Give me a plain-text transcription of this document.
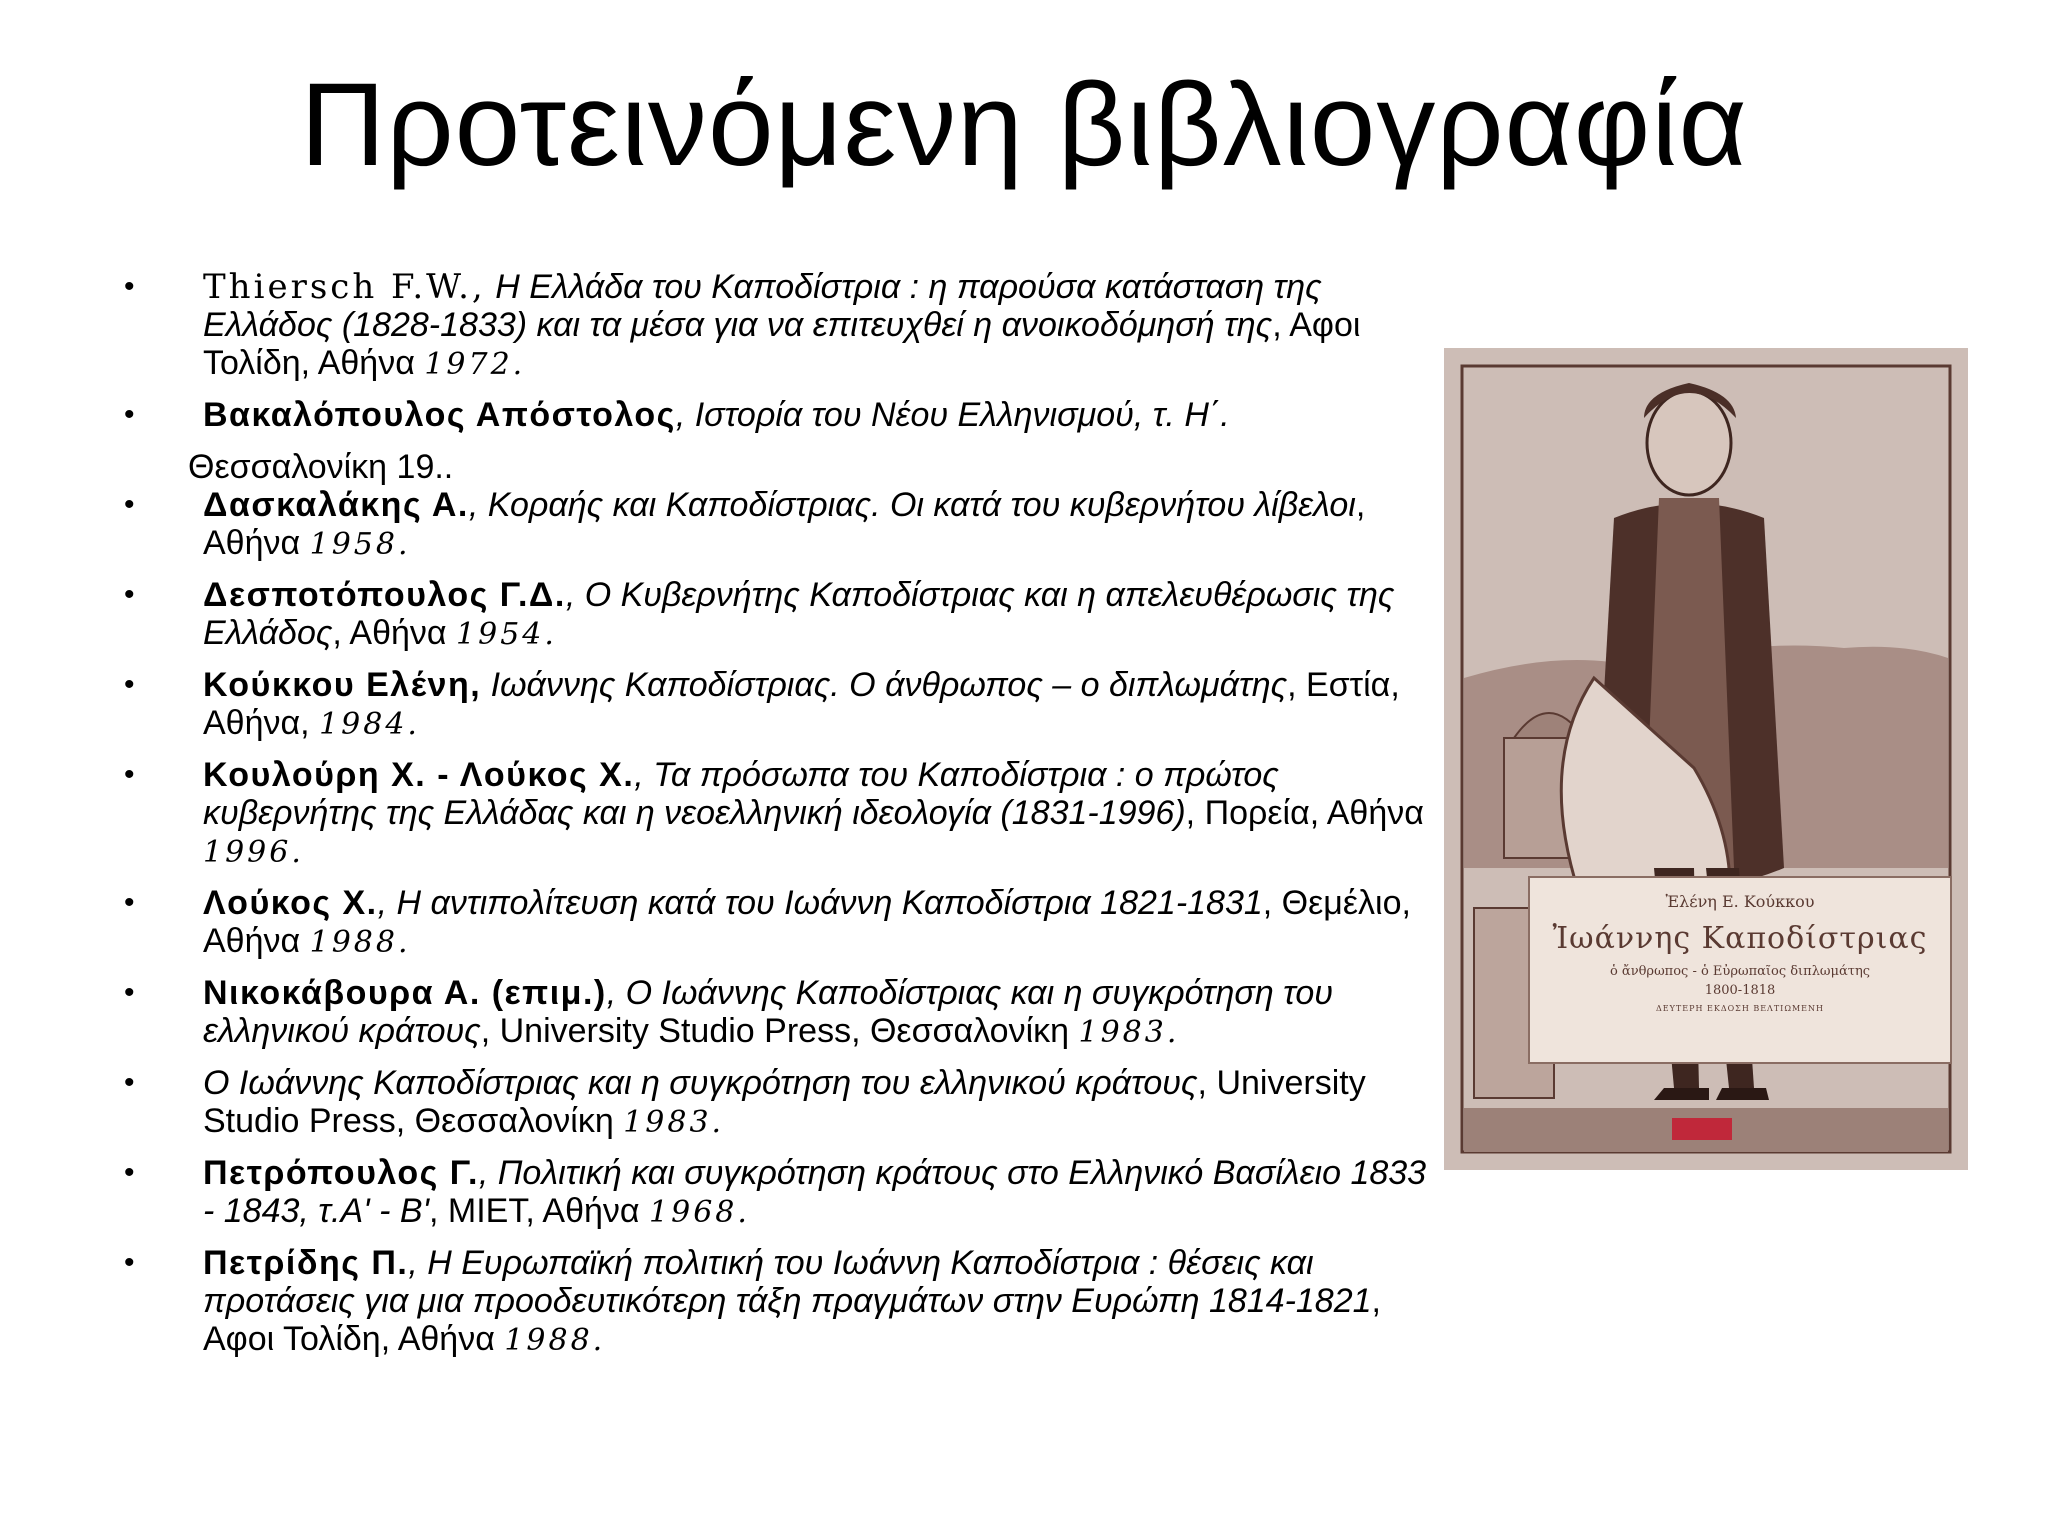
Προτεινόμενη βιβλιογραφία
• Thiersch F.W., Η Ελλάδα του Καποδίστρια : η παρούσα κατάσταση της Ελλάδος (1828-1833) και τα μέσα για να επιτευχθεί η ανοικοδόμησή της, Αφοι Τολίδη, Αθήνα 1972.
• Βακαλόπουλος Απόστολος, Ιστορία του Νέου Ελληνισμού, τ. Η΄.
• Δασκαλάκης Α., Κοραής και Καποδίστριας. Οι κατά του κυβερνήτου λίβελοι, Αθήνα 1958.
• Δεσποτόπουλος Γ.Δ., Ο Κυβερνήτης Καποδίστριας και η απελευθέρωσις της Ελλάδος, Αθήνα 1954.
• Κούκκου Ελένη, Ιωάννης Καποδίστριας. Ο άνθρωπος – ο διπλωμάτης, Εστία, Αθήνα, 1984.
• Κουλούρη Χ. - Λούκος Χ., Τα πρόσωπα του Καποδίστρια : ο πρώτος κυβερνήτης της Ελλάδας και η νεοελληνική ιδεολογία (1831-1996), Πορεία, Αθήνα 1996.
• Λούκος Χ., Η αντιπολίτευση κατά του Ιωάννη Καποδίστρια 1821-1831, Θεμέλιο, Αθήνα 1988.
• Νικοκάβουρα Α. (επιμ.), Ο Ιωάννης Καποδίστριας και η συγκρότηση του ελληνικού κράτους, University Studio Press, Θεσσαλονίκη 1983.
• Ο Ιωάννης Καποδίστριας και η συγκρότηση του ελληνικού κράτους, University Studio Press, Θεσσαλονίκη 1983.
• Πετρόπουλος Γ., Πολιτική και συγκρότηση κράτους στο Ελληνικό Βασίλειο 1833 - 1843, τ.Α' - Β', ΜΙΕΤ, Αθήνα 1968.
• Πετρίδης Π., Η Ευρωπαϊκή πολιτική του Ιωάννη Καποδίστρια : θέσεις και προτάσεις για μια προοδευτικότερη τάξη πραγμάτων στην Ευρώπη 1814-1821, Αφοι Τολίδη, Αθήνα 1988.

Θεσσαλονίκη 19..

Ἐλένη Ε. Κούκκου
Ἰωάννης Καποδίστριας
ὁ ἄνθρωπος - ὁ Εὐρωπαῖος διπλωμάτης
1800-1818
ΔΕΥΤΕΡΗ ΕΚΔΟΣΗ ΒΕΛΤΙΩΜΕΝΗ
